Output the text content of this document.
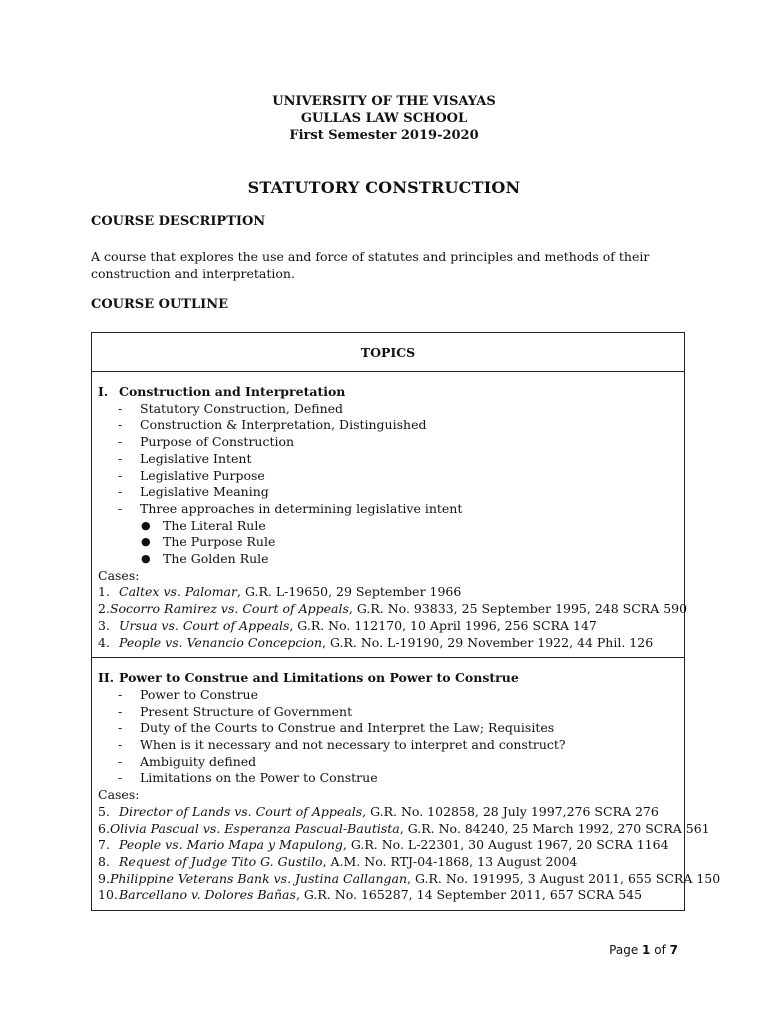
UNIVERSITY OF THE VISAYAS
GULLAS LAW SCHOOL
First Semester 2019-2020
STATUTORY CONSTRUCTION
COURSE DESCRIPTION
A course that explores the use and force of statutes and principles and methods of their construction and interpretation.
COURSE OUTLINE
TOPICS
I. Construction and Interpretation
-	Statutory Construction, Defined
-	Construction & Interpretation, Distinguished
-	Purpose of Construction
-	Legislative Intent
-	Legislative Purpose
-	Legislative Meaning
-	Three approaches in determining legislative intent
● The Literal Rule
● The Purpose Rule
● The Golden Rule
Cases:
1. Caltex vs. Palomar , G.R. L-19650, 29 September 1966
2. Socorro Ramirez vs. Court of Appeals , G.R. No. 93833, 25 September 1995, 248 SCRA 590
3. Ursua vs. Court of Appeals , G.R. No. 112170, 10 April 1996, 256 SCRA 147
4. People vs. Venancio Concepcion , G.R. No. L-19190, 29 November 1922, 44 Phil. 126
II. Power to Construe and Limitations on Power to Construe
-	Power to Construe
-	Present Structure of Government
-	Duty of the Courts to Construe and Interpret the Law; Requisites
-	When is it necessary and not necessary to interpret and construct?
-	Ambiguity defined
-	Limitations on the Power to Construe
Cases:
5. Director of Lands vs. Court of Appeals , G.R. No. 102858, 28 July 1997,276 SCRA 276
6. Olivia Pascual vs. Esperanza Pascual-Bautista , G.R. No. 84240, 25 March 1992, 270 SCRA 561
7. People vs. Mario Mapa y Mapulong , G.R. No. L-22301, 30 August 1967, 20 SCRA 1164
8. Request of Judge Tito G. Gustilo , A.M. No. RTJ-04-1868, 13 August 2004
9. Philippine Veterans Bank vs. Justina Callangan , G.R. No. 191995, 3 August 2011, 655 SCRA 150
10. Barcellano v. Dolores Bañas , G.R. No. 165287, 14 September 2011, 657 SCRA 545
Page 1 of 7
